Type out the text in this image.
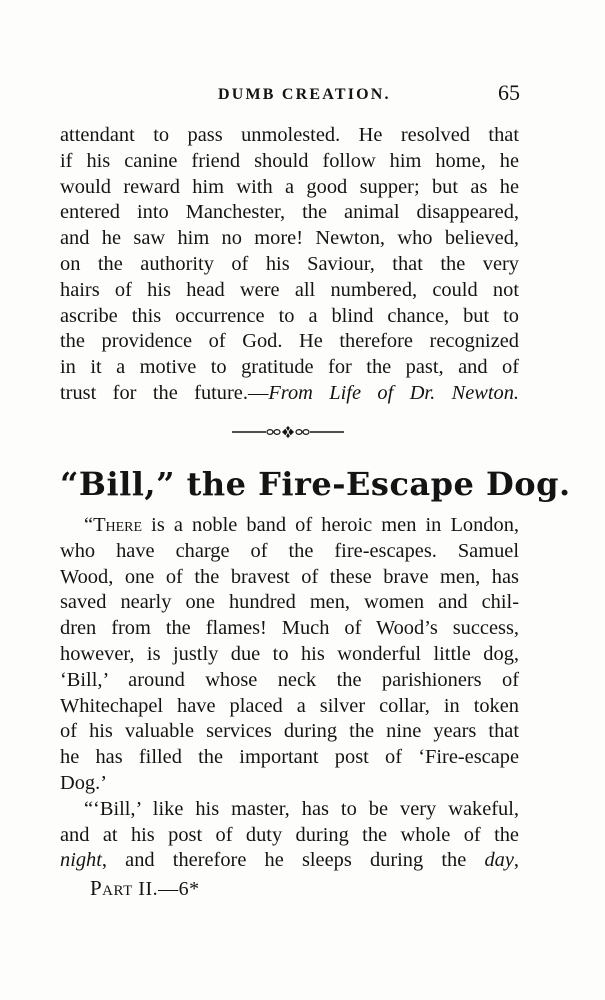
DUMB CREATION.	65
attendant to pass unmolested. He resolved that
if his canine friend should follow him home, he
would reward him with a good supper; but as he
entered into Manchester, the animal disappeared,
and he saw him no more! Newton, who believed,
on the authority of his Saviour, that the very
hairs of his head were all numbered, could not
ascribe this occurrence to a blind chance, but to
the providence of God. He therefore recognized
in it a motive to gratitude for the past, and of
trust for the future.—From Life of Dr. Newton.
“Bill,” the Fire-Escape Dog.
“There is a noble band of heroic men in London,
who have charge of the fire-escapes. Samuel
Wood, one of the bravest of these brave men, has
saved nearly one hundred men, women and chil-
dren from the flames! Much of Wood’s success,
however, is justly due to his wonderful little dog,
‘Bill,’ around whose neck the parishioners of
Whitechapel have placed a silver collar, in token
of his valuable services during the nine years that
he has filled the important post of ‘Fire-escape
Dog.’
“‘Bill,’ like his master, has to be very wakeful,
and at his post of duty during the whole of the
night, and therefore he sleeps during the day,
Part II.—6*
